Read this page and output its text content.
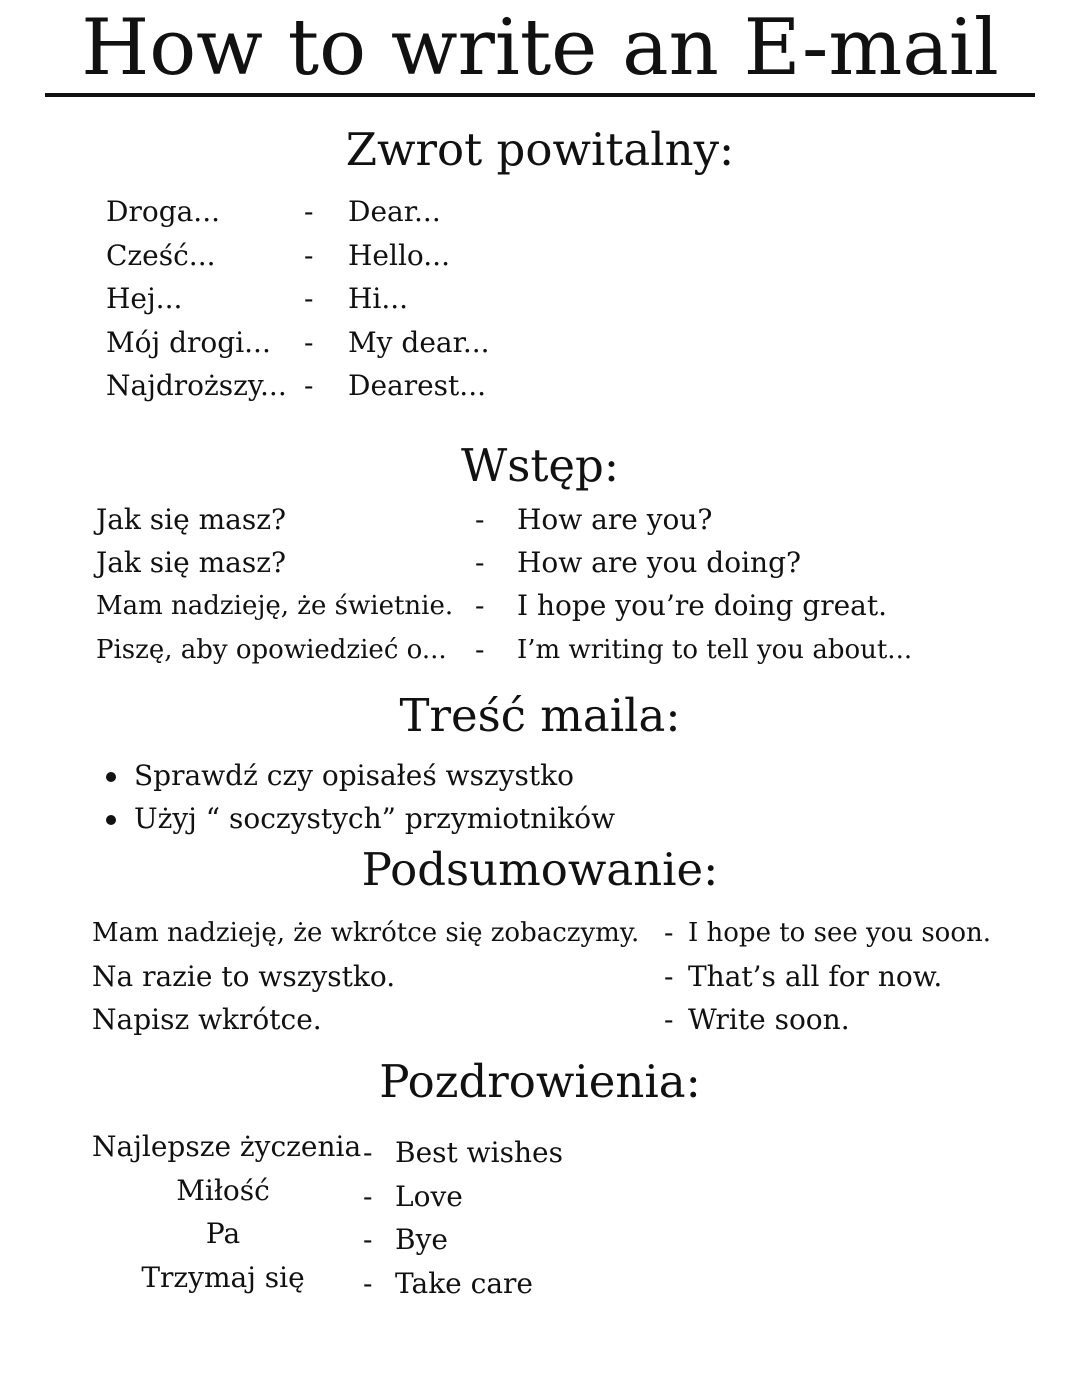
How to write an E-mail
Zwrot powitalny:
Droga...	- Dear...
Cześć...	- Hello...
Hej...	- Hi...
Mój drogi... - My dear...
Najdroższy... - Dearest...
Wstęp:
Jak się masz?	- How are you?
Jak się masz?	- How are you doing?
Mam nadzieję, że świetnie. - I hope you’re doing great.
Piszę, aby opowiedzieć o... - I’m writing to tell you about...
Treść maila:
Sprawdź czy opisałeś wszystko
Użyj “ soczystych” przymiotników
Podsumowanie:
Mam nadzieję, że wkrótce się zobaczymy. - I hope to see you soon.
Na razie to wszystko.	- That’s all for now.
Napisz wkrótce.	- Write soon.
Pozdrowienia:
Najlepsze życzenia - Best wishes
Miłość	- Love
Pa	- Bye
Trzymaj się	- Take care
